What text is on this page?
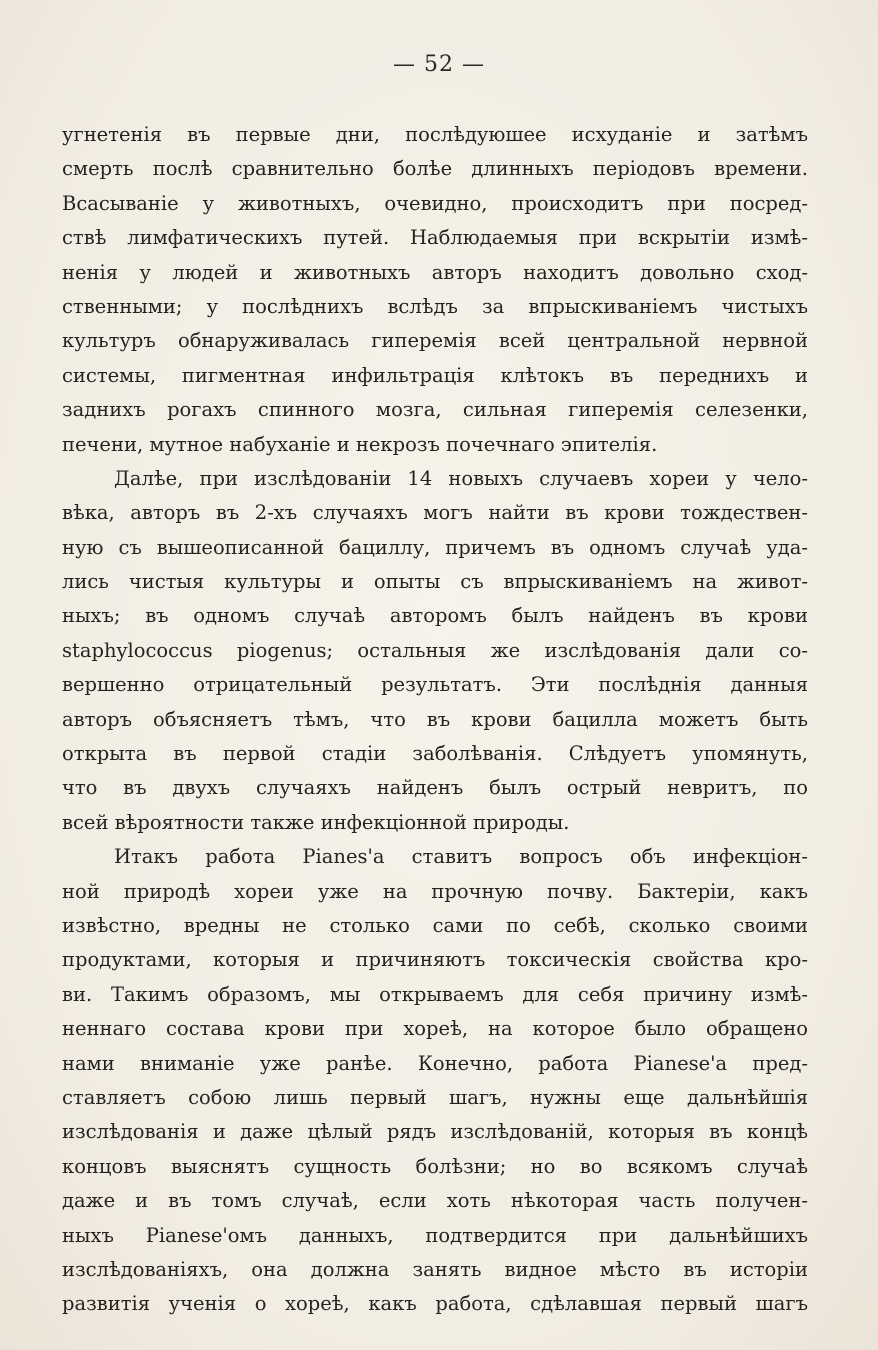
— 52 —
угнетенія въ первые дни, послѣдуюшее исхуданіе и затѣмъ
смерть послѣ сравнительно болѣе длинныхъ періодовъ времени.
Всасываніе у животныхъ, очевидно, происходитъ при посред-
ствѣ лимфатическихъ путей. Наблюдаемыя при вскрытіи измѣ-
ненія у людей и животныхъ авторъ находитъ довольно сход-
ственными; у послѣднихъ вслѣдъ за впрыскиваніемъ чистыхъ
культуръ обнаруживалась гиперемія всей центральной нервной
системы, пигментная инфильтрація клѣтокъ въ переднихъ и
заднихъ рогахъ спинного мозга, сильная гиперемія селезенки,
печени, мутное набуханіе и некрозъ почечнаго эпителія.
Далѣе, при изслѣдованіи 14 новыхъ случаевъ хореи у чело-
вѣка, авторъ въ 2-хъ случаяхъ могъ найти въ крови тождествен-
ную съ вышеописанной бациллу, причемъ въ одномъ случаѣ уда-
лись чистыя культуры и опыты съ впрыскиваніемъ на живот-
ныхъ; въ одномъ случаѣ авторомъ былъ найденъ въ крови
staphylococcus piogenus; остальныя же изслѣдованія дали со-
вершенно отрицательный результатъ. Эти послѣднія данныя
авторъ объясняетъ тѣмъ, что въ крови бацилла можетъ быть
открыта въ первой стадіи заболѣванія. Слѣдуетъ упомянуть,
что въ двухъ случаяхъ найденъ былъ острый невритъ, по
всей вѣроятности также инфекціонной природы.
Итакъ работа Pianes'a ставитъ вопросъ объ инфекціон-
ной природѣ хореи уже на прочную почву. Бактеріи, какъ
извѣстно, вредны не столько сами по себѣ, сколько своими
продуктами, которыя и причиняютъ токсическія свойства кро-
ви. Такимъ образомъ, мы открываемъ для себя причину измѣ-
неннаго состава крови при хореѣ, на которое было обращено
нами вниманіе уже ранѣе. Конечно, работа Pianese'a пред-
ставляетъ собою лишь первый шагъ, нужны еще дальнѣйшія
изслѣдованія и даже цѣлый рядъ изслѣдованій, которыя въ концѣ
концовъ выяснятъ сущность болѣзни; но во всякомъ случаѣ
даже и въ томъ случаѣ, если хоть нѣкоторая часть получен-
ныхъ Pianese'омъ данныхъ, подтвердится при дальнѣйшихъ
изслѣдованіяхъ, она должна занять видное мѣсто въ исторіи
развитія ученія о хореѣ, какъ работа, сдѣлавшая первый шагъ
